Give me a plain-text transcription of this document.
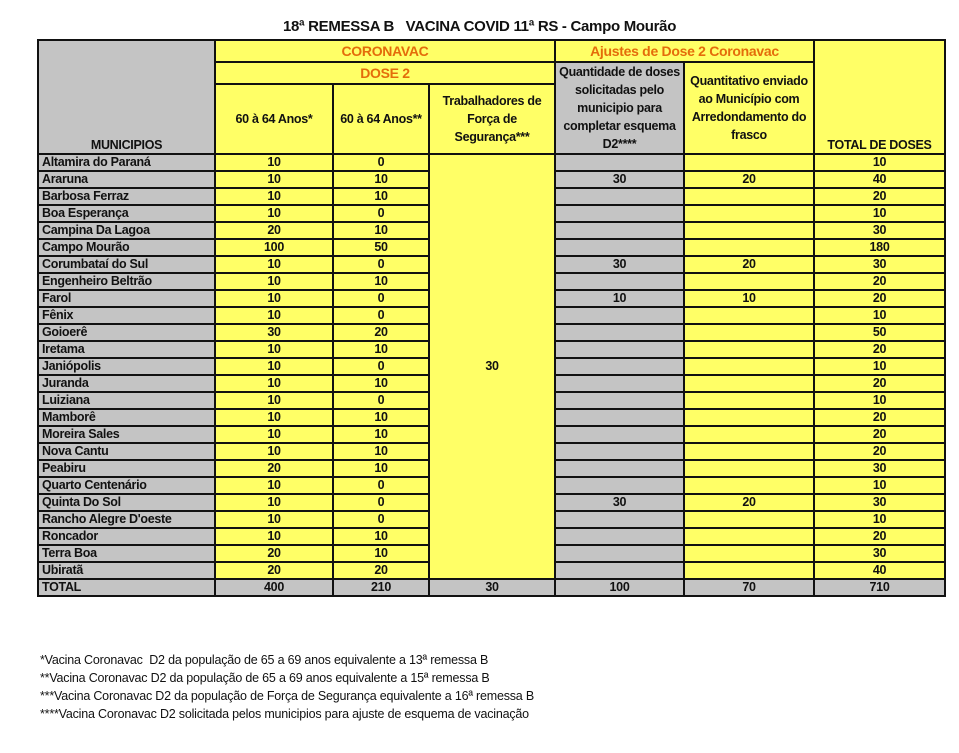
18ª REMESSA B   VACINA COVID 11ª RS - Campo Mourão
MUNICIPIOS	CORONAVAC			Ajustes de Dose 2 Coronavac		TOTAL DE DOSES
	DOSE 2			Quantidade de doses solicitadas pelo municipio para completar esquema D2****	Quantitativo enviado ao Município com Arredondamento do frasco	
	60 à 64 Anos*	60 à 64 Anos**	Trabalhadores de Força de Segurança***			
Altamira do Paraná	10	0	30			10
Araruna	10	10		30	20	40
Barbosa Ferraz	10	10				20
Boa Esperança	10	0				10
Campina Da Lagoa	20	10				30
Campo Mourão	100	50				180
Corumbataí do Sul	10	0		30	20	30
Engenheiro Beltrão	10	10				20
Farol	10	0		10	10	20
Fênix	10	0				10
Goioerê	30	20				50
Iretama	10	10				20
Janiópolis	10	0				10
Juranda	10	10				20
Luiziana	10	0				10
Mamborê	10	10				20
Moreira Sales	10	10				20
Nova Cantu	10	10				20
Peabiru	20	10				30
Quarto Centenário	10	0				10
Quinta Do Sol	10	0		30	20	30
Rancho Alegre D'oeste	10	0				10
Roncador	10	10				20
Terra Boa	20	10				30
Ubiratã	20	20				40
TOTAL	400	210	30	100	70	710
*Vacina Coronavac  D2 da população de 65 a 69 anos equivalente a 13ª remessa B
**Vacina Coronavac D2 da população de 65 a 69 anos equivalente a 15ª remessa B
***Vacina Coronavac D2 da população de Força de Segurança equivalente a 16ª remessa B
****Vacina Coronavac D2 solicitada pelos municipios para ajuste de esquema de vacinação
